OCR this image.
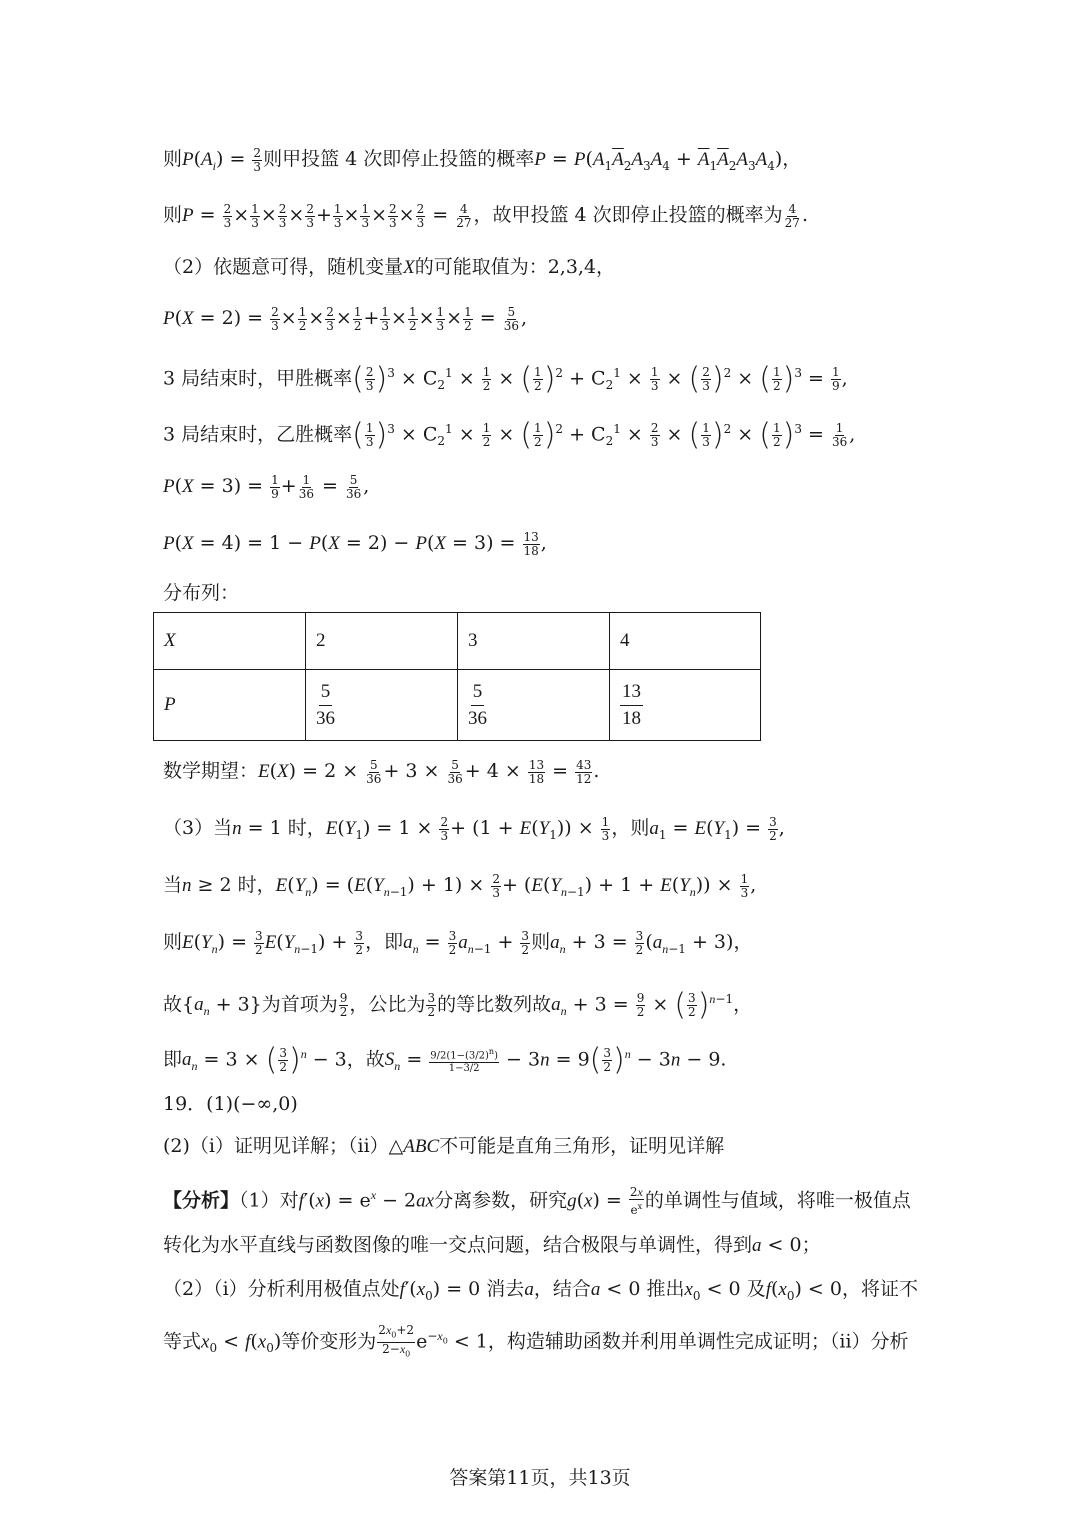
则$P(A_i) = \frac{2}{3}$ 则甲投篮 4 次即停止投篮的概率$P = P(A_1\overline{A}_2A_3A_4 + \overline{A}_1\overline{A}_2A_3A_4)$，
则$P = \frac{2}{3} \times \frac{1}{3} \times \frac{2}{3} \times \frac{2}{3} + \frac{1}{3} \times \frac{1}{3} \times \frac{2}{3} \times \frac{2}{3} = \frac{4}{27}$ ，故甲投篮 4 次即停止投篮的概率为 $\frac{4}{27}$ .
（2）依题意可得，随机变量X的可能取值为：2,3,4，
$P(X = 2) = \frac{2}{3} \times \frac{1}{2} \times \frac{2}{3} \times \frac{1}{2} + \frac{1}{3} \times \frac{1}{2} \times \frac{1}{3} \times \frac{1}{2} = \frac{5}{36}$ ,
3 局结束时，甲胜概率( $\frac{2}{3} )^3 \times C_2^1 \times \frac{1}{2}$ × ( $\frac{1}{2} )^2 + C_2^1 \times \frac{1}{3}$ × ( $\frac{2}{3} )^2$ × ( $\frac{1}{2} )^3 = \frac{1}{9}$ ,
3 局结束时，乙胜概率( $\frac{1}{3} )^3 \times C_2^1 \times \frac{1}{2}$ × ( $\frac{1}{2} )^2 + C_2^1 \times \frac{2}{3}$ × ( $\frac{1}{3} )^2$ × ( $\frac{1}{2} )^3 = \frac{1}{36}$ ,
$P(X = 3) = \frac{1}{9} + \frac{1}{36} = \frac{5}{36}$ ,
$P(X = 4) = 1 - P(X = 2) - P(X = 3) = \frac{13}{18}$ ,
分布列：
X	2	3	4
P	$\frac{5}{36}$	$\frac{5}{36}$	$\frac{13}{18}$
数学期望：$E(X) = 2 \times \frac{5}{36} + 3 \times \frac{5}{36} + 4 \times \frac{13}{18} = \frac{43}{12}$ .
（3）当n = 1 时，$E(Y_1) = 1 \times \frac{2}{3} + (1 + E(Y_1)) \times \frac{1}{3}$ ，则$a_1 = E(Y_1) = \frac{3}{2}$ ,
当n ≥ 2 时，$E(Y_n) = (E(Y_{n-1}) + 1) \times \frac{2}{3} + (E(Y_{n-1}) + 1 + E(Y_n)) \times \frac{1}{3}$ ,
则$E(Y_n) = \frac{3}{2} E(Y_{n-1}) + \frac{3}{2}$ ，即$a_n = \frac{3}{2} a_{n-1} + \frac{3}{2}$ 则$a_n + 3 = \frac{3}{2} (a_{n-1} + 3)$，
故$\{a_n + 3\}$为首项为 $\frac{9}{2}$ ，公比为 $\frac{3}{2}$ 的等比数列故$a_n + 3 = \frac{9}{2}$ × ( $\frac{3}{2} )^{n-1}$，
即$a_n = 3$ × ( $\frac{3}{2} )^n - 3$，故$S_n = \frac{9/2(1-(3/2)^n)}{1-3/2} - 3n = 9( \frac{3}{2} )^n - 3n - 9$.
19．(1)(−∞,0)
(2)（i）证明见详解；（ii）△ABC不可能是直角三角形，证明见详解
【分析】（1）对$f'(x) = e^x - 2ax$分离参数，研究$g(x) = \frac{2x}{e^x}$ 的单调性与值域，将唯一极值点
转化为水平直线与函数图像的唯一交点问题，结合极限与单调性，得到a < 0；
（2）（i）分析利用极值点处$f'(x_0) = 0$ 消去a，结合a < 0 推出$x_0 < 0$ 及$f(x_0) < 0$，将证不
等式$x_0 < f(x_0)$等价变形为 $\frac{2x_0+2}{2-x_0} e^{-x_0} < 1$，构造辅助函数并利用单调性完成证明；（ii）分析
答案第11页，共13页
